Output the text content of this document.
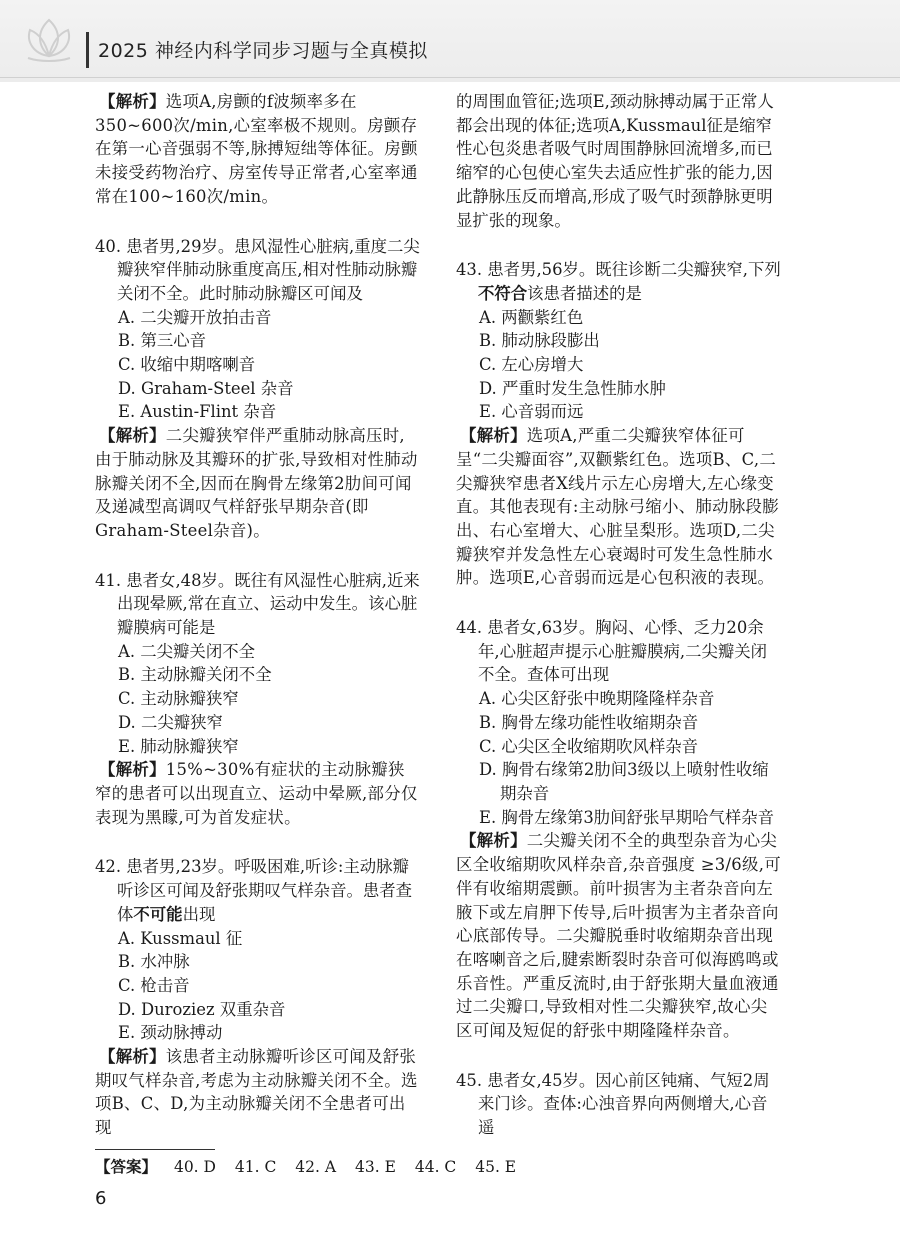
2025 神经内科学同步习题与全真模拟

【解析】选项A,房颤的f波频率多在350~600次/min,心室率极不规则。房颤存在第一心音强弱不等,脉搏短绌等体征。房颤未接受药物治疗、房室传导正常者,心室率通常在100~160次/min。

40. 患者男,29岁。患风湿性心脏病,重度二尖瓣狭窄伴肺动脉重度高压,相对性肺动脉瓣关闭不全。此时肺动脉瓣区可闻及

A. 二尖瓣开放拍击音

B. 第三心音

C. 收缩中期喀喇音

D. Graham-Steel 杂音

E. Austin-Flint 杂音

【解析】二尖瓣狭窄伴严重肺动脉高压时,由于肺动脉及其瓣环的扩张,导致相对性肺动脉瓣关闭不全,因而在胸骨左缘第2肋间可闻及递减型高调叹气样舒张早期杂音(即Graham-Steel杂音)。

41. 患者女,48岁。既往有风湿性心脏病,近来出现晕厥,常在直立、运动中发生。该心脏瓣膜病可能是

A. 二尖瓣关闭不全

B. 主动脉瓣关闭不全

C. 主动脉瓣狭窄

D. 二尖瓣狭窄

E. 肺动脉瓣狭窄

【解析】15%~30%有症状的主动脉瓣狭窄的患者可以出现直立、运动中晕厥,部分仅表现为黑矇,可为首发症状。

42. 患者男,23岁。呼吸困难,听诊:主动脉瓣听诊区可闻及舒张期叹气样杂音。患者查体不可能出现

A. Kussmaul 征

B. 水冲脉

C. 枪击音

D. Duroziez 双重杂音

E. 颈动脉搏动

【解析】该患者主动脉瓣听诊区可闻及舒张期叹气样杂音,考虑为主动脉瓣关闭不全。选项B、C、D,为主动脉瓣关闭不全患者可出现

的周围血管征;选项E,颈动脉搏动属于正常人都会出现的体征;选项A,Kussmaul征是缩窄性心包炎患者吸气时周围静脉回流增多,而已缩窄的心包使心室失去适应性扩张的能力,因此静脉压反而增高,形成了吸气时颈静脉更明显扩张的现象。

43. 患者男,56岁。既往诊断二尖瓣狭窄,下列不符合该患者描述的是

A. 两颧紫红色

B. 肺动脉段膨出

C. 左心房增大

D. 严重时发生急性肺水肿

E. 心音弱而远

【解析】选项A,严重二尖瓣狭窄体征可呈“二尖瓣面容”,双颧紫红色。选项B、C,二尖瓣狭窄患者X线片示左心房增大,左心缘变直。其他表现有:主动脉弓缩小、肺动脉段膨出、右心室增大、心脏呈梨形。选项D,二尖瓣狭窄并发急性左心衰竭时可发生急性肺水肿。选项E,心音弱而远是心包积液的表现。

44. 患者女,63岁。胸闷、心悸、乏力20余年,心脏超声提示心脏瓣膜病,二尖瓣关闭不全。查体可出现

A. 心尖区舒张中晚期隆隆样杂音

B. 胸骨左缘功能性收缩期杂音

C. 心尖区全收缩期吹风样杂音

D. 胸骨右缘第2肋间3级以上喷射性收缩期杂音

E. 胸骨左缘第3肋间舒张早期哈气样杂音

【解析】二尖瓣关闭不全的典型杂音为心尖区全收缩期吹风样杂音,杂音强度 ≥3/6级,可伴有收缩期震颤。前叶损害为主者杂音向左腋下或左肩胛下传导,后叶损害为主者杂音向心底部传导。二尖瓣脱垂时收缩期杂音出现在喀喇音之后,腱索断裂时杂音可似海鸥鸣或乐音性。严重反流时,由于舒张期大量血液通过二尖瓣口,导致相对性二尖瓣狭窄,故心尖区可闻及短促的舒张中期隆隆样杂音。

45. 患者女,45岁。因心前区钝痛、气短2周来门诊。查体:心浊音界向两侧增大,心音遥

【答案】 40. D 41. C 42. A 43. E 44. C 45. E
6
